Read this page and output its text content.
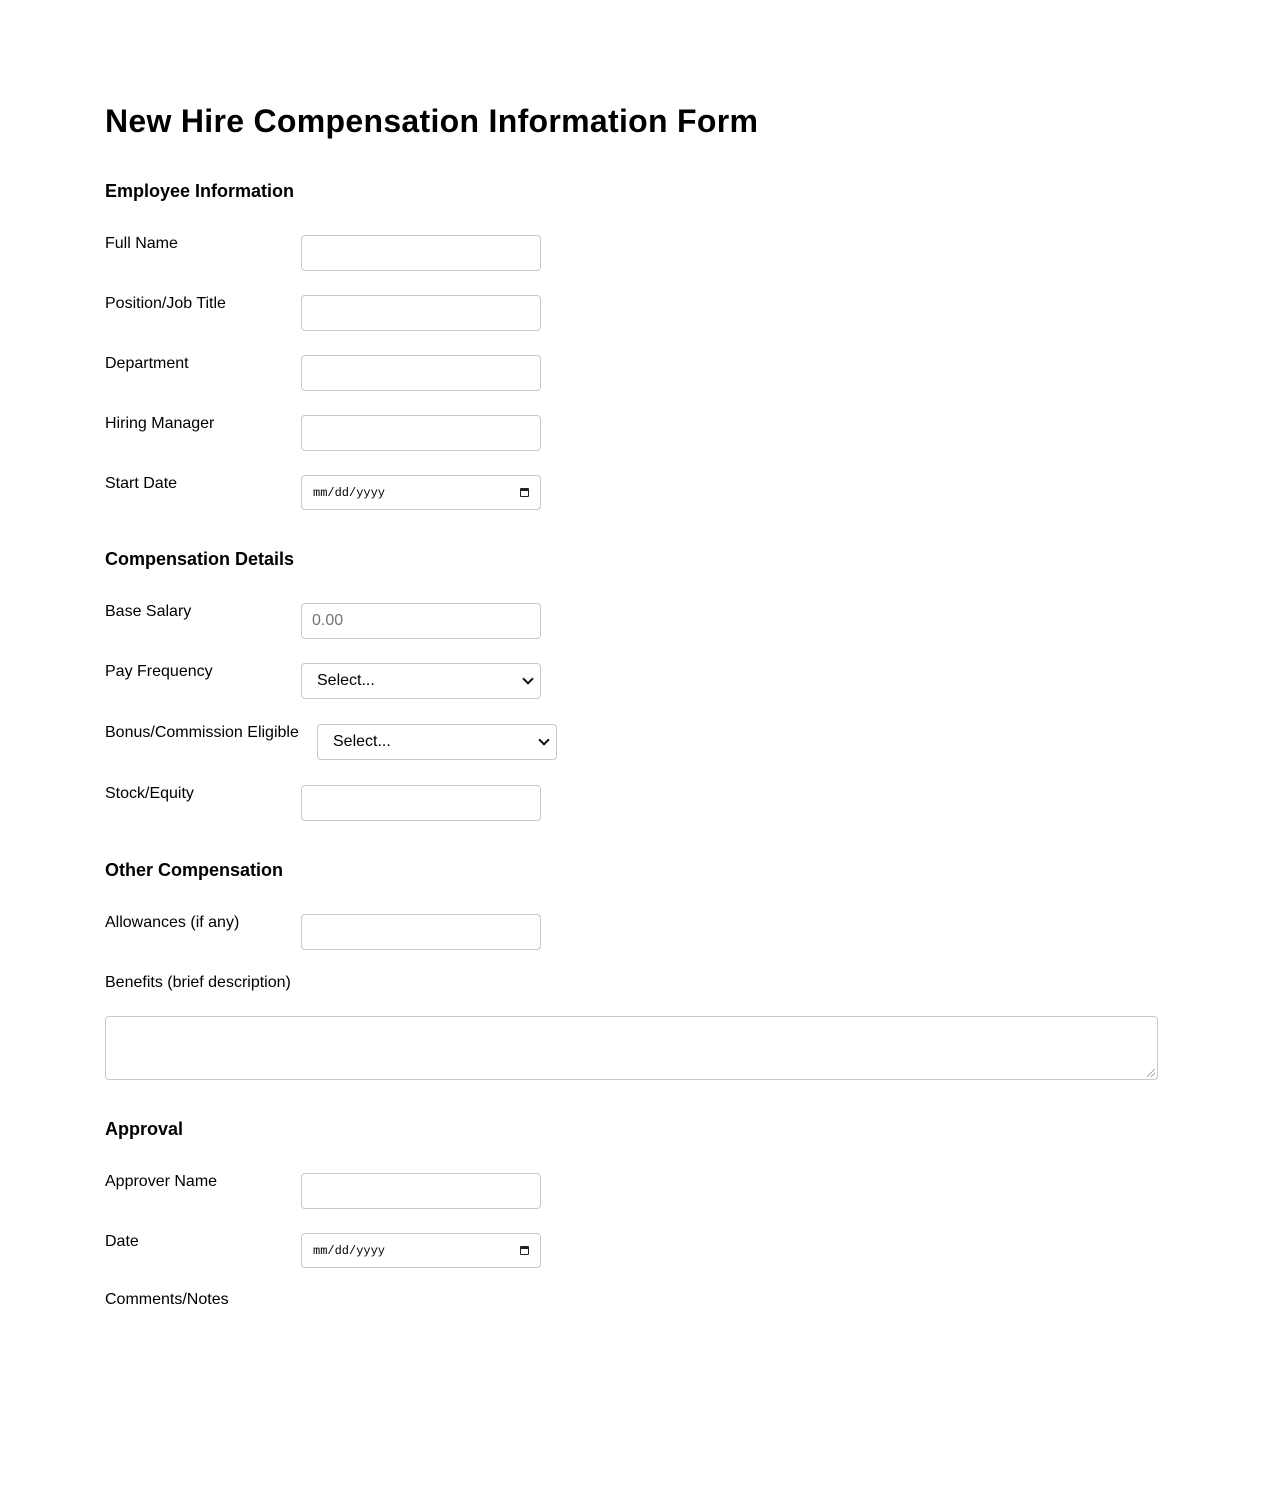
New Hire Compensation Information Form
Employee Information
Full Name
Position/Job Title
Department
Hiring Manager
Start Date
mm/dd/yyyy
Compensation Details
Base Salary
0.00
Pay Frequency
Select...
Bonus/Commission Eligible
Select...
Stock/Equity
Other Compensation
Allowances (if any)
Benefits (brief description)
Approval
Approver Name
Date
mm/dd/yyyy
Comments/Notes
